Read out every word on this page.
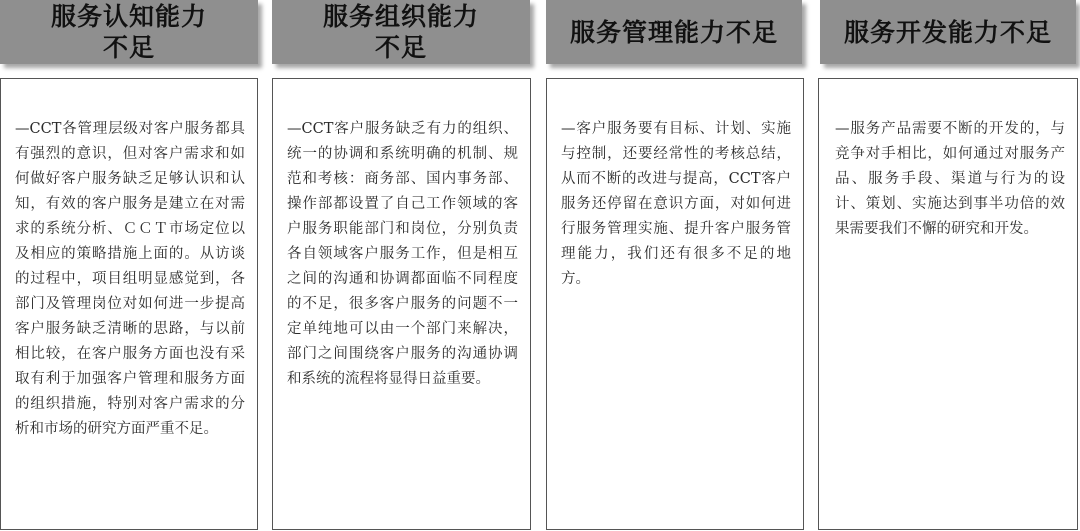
服务认知能力
不足
服务组织能力
不足
服务管理能力不足	服务开发能力不足

—CCT各管理层级对客户服务都具有强烈的意识，但对客户需求和如何做好客户服务缺乏足够认识和认知，有效的客户服务是建立在对需求的系统分析、ＣＣＴ市场定位以及相应的策略措施上面的。从访谈的过程中，项目组明显感觉到，各部门及管理岗位对如何进一步提高客户服务缺乏清晰的思路，与以前相比较，在客户服务方面也没有采取有利于加强客户管理和服务方面的组织措施，特别对客户需求的分析和市场的研究方面严重不足。

—CCT客户服务缺乏有力的组织、统一的协调和系统明确的机制、规范和考核：商务部、国内事务部、操作部都设置了自己工作领域的客户服务职能部门和岗位，分别负责各自领域客户服务工作，但是相互之间的沟通和协调都面临不同程度的不足，很多客户服务的问题不一定单纯地可以由一个部门来解决，部门之间围绕客户服务的沟通协调和系统的流程将显得日益重要。

—客户服务要有目标、计划、实施与控制，还要经常性的考核总结，从而不断的改进与提高，CCT客户服务还停留在意识方面，对如何进行服务管理实施、提升客户服务管理能力，我们还有很多不足的地方。

—服务产品需要不断的开发的，与竞争对手相比，如何通过对服务产品、服务手段、渠道与行为的设计、策划、实施达到事半功倍的效果需要我们不懈的研究和开发。
